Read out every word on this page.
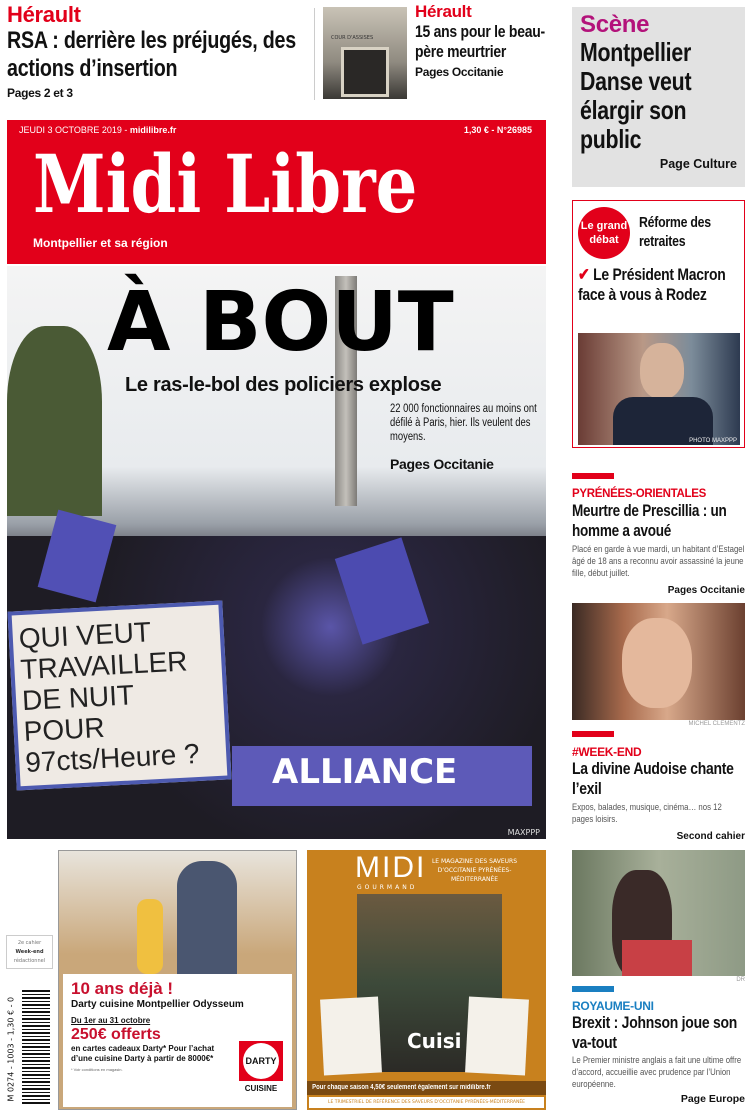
Hérault
RSA : derrière les préjugés, des actions d’insertion
Pages 2 et 3
COUR D'ASSISES
Hérault
15 ans pour le beau-père meurtrier
Pages Occitanie
Scène
Montpellier Danse veut élargir son public
Page Culture
JEUDI 3 OCTOBRE 2019 - midilibre.fr	1,30 € - N°26985
Midi Libre
Montpellier et sa région
ALLIANCE
QUI VEUT TRAVAILLER DE NUIT POUR 97cts/Heure ?
À BOUT
Le ras-le-bol des policiers explose
22 000 fonctionnaires au moins ont défilé à Paris, hier. Ils veulent des moyens.
Pages Occitanie
MAXPPP
Le grand débat
Réforme des retraites
✔ Le Président Macron face à vous à Rodez
PHOTO MAXPPP
PYRÉNÉES-ORIENTALES
Meurtre de Prescillia : un homme a avoué
Placé en garde à vue mardi, un habitant d’Estagel âgé de 18 ans a reconnu avoir assassiné la jeune fille, début juillet.
Pages Occitanie
MICHEL CLEMENTZ
#WEEK-END
La divine Audoise chante l’exil
Expos, balades, musique, cinéma… nos 12 pages loisirs.
Second cahier
DR
ROYAUME-UNI
Brexit : Johnson joue son va-tout
Le Premier ministre anglais a fait une ultime offre d’accord, accueillie avec prudence par l’Union européenne.
Page Europe
2e cahier
Week-end
rédactionnel
M 0274 - 1003 - 1,30 € - 0
10 ans déjà !
Darty cuisine Montpellier Odysseum
Du 1er au 31 octobre
250€ offerts
en cartes cadeaux Darty* Pour l’achat d’une cuisine Darty à partir de 8000€*
* Voir conditions en magasin.
DARTY
CUISINE
MIDI
GOURMAND
LE MAGAZINE DES SAVEURS D’OCCITANIE PYRÉNÉES-MÉDITERRANÉE
Cuisi
Pour chaque saison 4,50€ seulement également sur midilibre.fr
LE TRIMESTRIEL DE RÉFÉRENCE DES SAVEURS D’OCCITANIE PYRÉNÉES-MÉDITERRANÉE
